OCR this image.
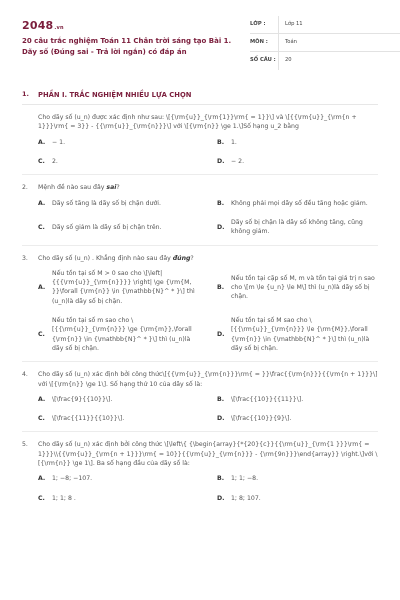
2048.vn
20 câu trắc nghiệm Toán 11 Chân trời sáng tạo Bài 1. Dãy số (Đúng sai - Trả lời ngắn) có đáp án
LỚP :	Lớp 11
MÔN :	Toán
SỐ CÂU :	20
1.	PHẦN I. TRẮC NGHIỆM NHIỀU LỰA CHỌN
Cho dãy số (u_n) được xác định như sau: \[{\rm{u}}_{\rm{1}}\rm{ = 1}}\] và \[{{\rm{u}}_{\rm{n + 1}}}\rm{ = 3}} - {{\rm{u}}_{\rm{n}}}\] với \[{\rm{n}} \ge 1.\]Số hạng u_2 bằng
A.	− 1.	B.	1.
C.	2.	D.	− 2.
2.	Mệnh đề nào sau đây sai?
A.	Dãy số tăng là dãy số bị chặn dưới.	B.	Không phải mọi dãy số đều tăng hoặc giảm.
C.	Dãy số giảm là dãy số bị chặn trên.	D.
Dãy số bị chặn là dãy số không tăng, cũng không giảm.
3.	Cho dãy số (u_n) . Khẳng định nào sau đây đúng?
A.
Nếu tồn tại số M > 0 sao cho \[\left| {{{\rm{u}}_{\rm{n}}}} \right| \ge {\rm{M, }}\forall {\rm{n}} \in {\mathbb{N}^ * }\] thì (u_n)là dãy số bị chặn.
B.
Nếu tồn tại cặp số M, m và tồn tại giá trị n sao cho \[m \le {u_n} \le M\] thì (u_n)là dãy số bị chặn.
C.
Nếu tồn tại số m sao cho \[{{\rm{u}}_{\rm{n}}} \ge {\rm{m}},\forall {\rm{n}} \in {\mathbb{N}^ * }\] thì (u_n)là dãy số bị chặn.
D.
Nếu tồn tại số M sao cho \[{{\rm{u}}_{\rm{n}}} \le {\rm{M}},\forall {\rm{n}} \in {\mathbb{N}^ * }\] thì (u_n)là dãy số bị chặn.
4.	Cho dãy số (u_n) xác định bởi công thức\[{{\rm{u}}_{\rm{n}}}\rm{ = }}\frac{{\rm{n}}}{{\rm{n + 1}}}\] với \[{\rm{n}} \ge 1\]. Số hạng thứ 10 của dãy số là:
A.	\[\frac{9}{{10}}\].	B.	\[\frac{{10}}{{11}}\].
C.	\[\frac{{11}}{{10}}\].	D.	\[\frac{{10}}{9}\].
5.	Cho dãy số (u_n) xác định bởi công thức \[\left\{ {\begin{array}{*{20}{c}}{{\rm{u}}_{\rm{1 }}}\rm{ = 1}}}\\{{\rm{u}}_{\rm{n + 1}}}\rm{ = 10}}{{\rm{u}}_{\rm{n}}} - {\rm{9n}}}\end{array}} \right.\]với \[{\rm{n}} \ge 1\]. Ba số hạng đầu của dãy số là:
A.	1; −8; −107.	B.	1; 1; −8.
C.	1; 1; 8 .	D.	1; 8; 107.
